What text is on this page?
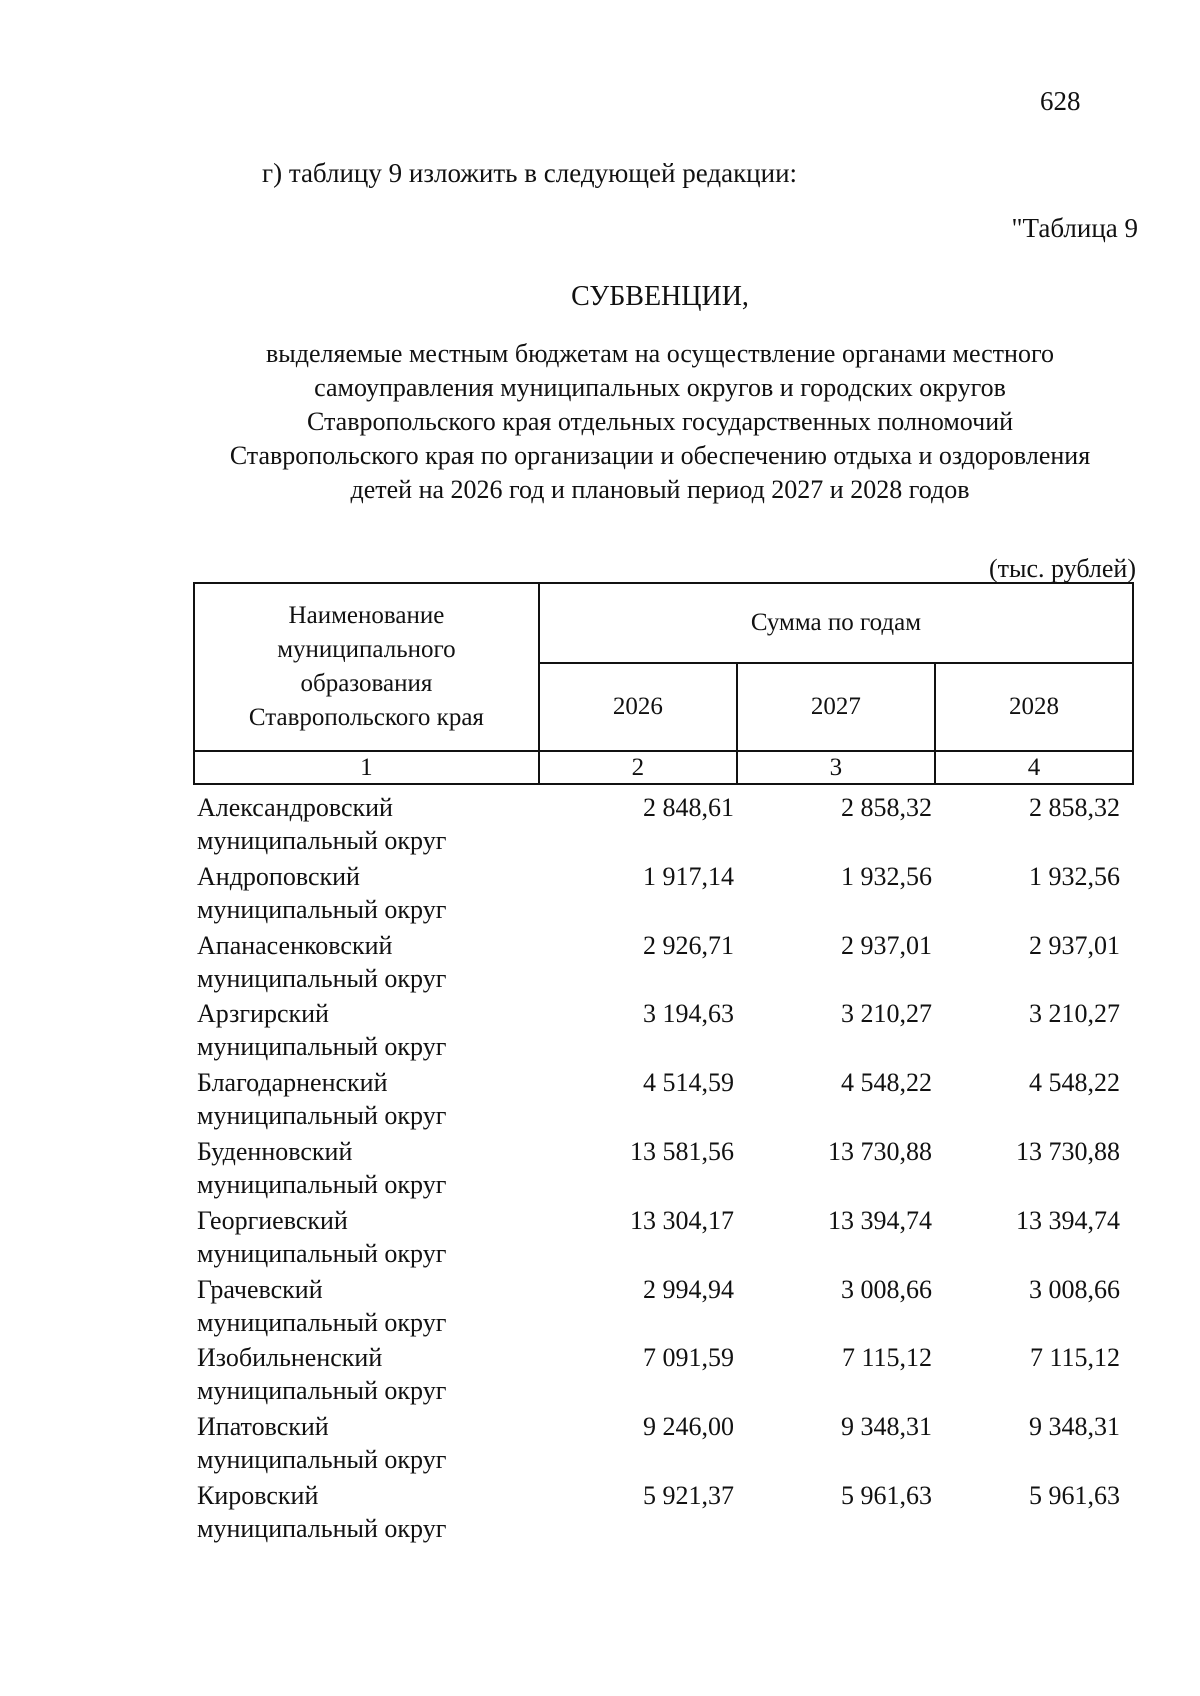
628
г) таблицу 9 изложить в следующей редакции:
"Таблица 9
СУБВЕНЦИИ,
выделяемые местным бюджетам на осуществление органами местного
самоуправления муниципальных округов и городских округов
Ставропольского края отдельных государственных полномочий
Ставропольского края по организации и обеспечению отдыха и оздоровления
детей на 2026 год и плановый период 2027 и 2028 годов
(тыс. рублей)
Наименование
муниципального
образования
Ставропольского края	Сумма по годам		
	2026	2027	2028
1	2	3	4
Александровский
муниципальный округ
2 848,61	2 858,32	2 858,32
Андроповский
муниципальный округ
1 917,14	1 932,56	1 932,56
Апанасенковский
муниципальный округ
2 926,71	2 937,01	2 937,01
Арзгирский
муниципальный округ
3 194,63	3 210,27	3 210,27
Благодарненский
муниципальный округ
4 514,59	4 548,22	4 548,22
Буденновский
муниципальный округ
13 581,56	13 730,88	13 730,88
Георгиевский
муниципальный округ
13 304,17	13 394,74	13 394,74
Грачевский
муниципальный округ
2 994,94	3 008,66	3 008,66
Изобильненский
муниципальный округ
7 091,59	7 115,12	7 115,12
Ипатовский
муниципальный округ
9 246,00	9 348,31	9 348,31
Кировский
муниципальный округ
5 921,37	5 961,63	5 961,63
